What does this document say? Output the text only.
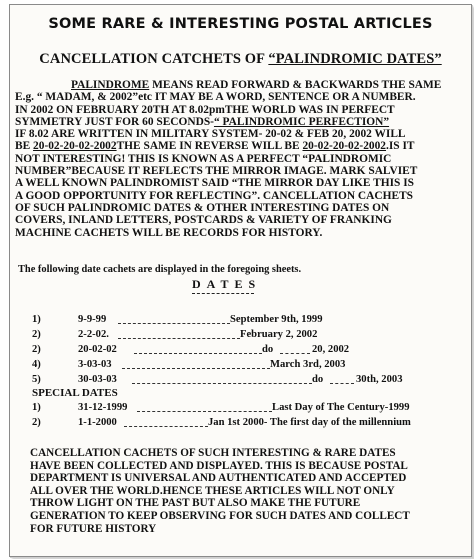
SOME RARE & INTERESTING POSTAL ARTICLES
CANCELLATION CATCHETS OF “PALINDROMIC DATES”
PALINDROME MEANS READ FORWARD & BACKWARDS THE SAME
E.g. “ MADAM, & 2002”etc IT MAY BE A WORD, SENTENCE OR A NUMBER.
IN 2002 ON FEBRUARY 20TH AT 8.02pmTHE WORLD WAS IN PERFECT
SYMMETRY JUST FOR 60 SECONDS-“ PALINDROMIC PERFECTION”
IF 8.02 ARE WRITTEN IN MILITARY SYSTEM- 20-02 & FEB 20, 2002 WILL
BE 20-02-20-02-2002THE SAME IN REVERSE WILL BE 20-02-20-02-2002.IS IT
NOT INTERESTING! THIS IS KNOWN AS A PERFECT “PALINDROMIC
NUMBER”BECAUSE IT REFLECTS THE MIRROR IMAGE. MARK SALVIET
A WELL KNOWN PALINDROMIST SAID “THE MIRROR DAY LIKE THIS IS
A GOOD OPPORTUNITY FOR REFLECTING”. CANCELLATION CACHETS
OF SUCH PALINDROMIC DATES & OTHER INTERESTING DATES ON
COVERS, INLAND LETTERS, POSTCARDS & VARIETY OF FRANKING
MACHINE CACHETS WILL BE RECORDS FOR HISTORY.
The following date cachets are displayed in the foregoing sheets.
DATES
1)	9-9-99	September 9th, 1999
2)	2-2-02.	February 2, 2002
2)	20-02-02	do	20, 2002
4)	3-03-03	March 3rd, 2003
5)	30-03-03	do	30th, 2003
SPECIAL DATES
1)	31-12-1999	Last Day of The Century-1999
2)	1-1-2000	Jan 1st 2000- The first day of the millennium
CANCELLATION CACHETS OF SUCH INTERESTING & RARE DATES
HAVE BEEN COLLECTED AND DISPLAYED. THIS IS BECAUSE POSTAL
DEPARTMENT IS UNIVERSAL AND AUTHENTICATED AND ACCEPTED
ALL OVER THE WORLD.HENCE THESE ARTICLES WILL NOT ONLY
THROW LIGHT ON THE PAST BUT ALSO MAKE THE FUTURE
GENERATION TO KEEP OBSERVING FOR SUCH DATES AND COLLECT
FOR FUTURE HISTORY
